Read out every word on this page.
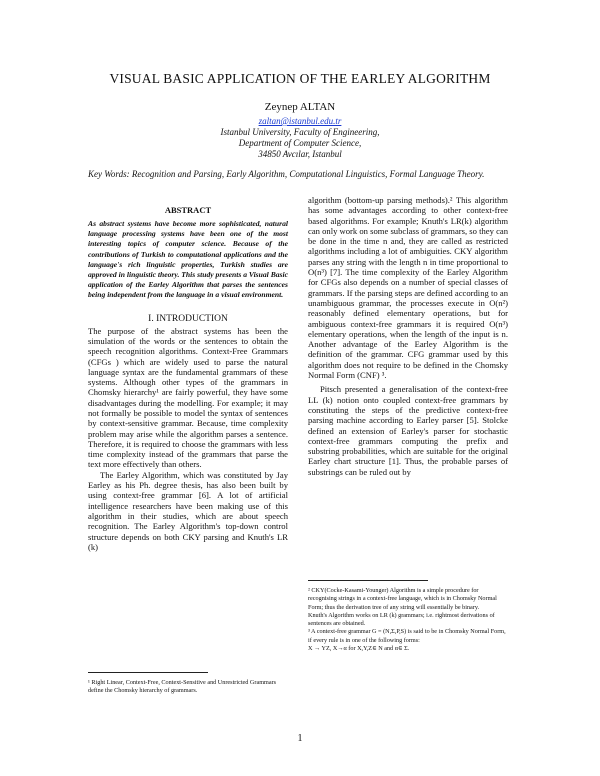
VISUAL BASIC APPLICATION OF THE EARLEY ALGORITHM
Zeynep ALTAN
zaltan@istanbul.edu.tr
Istanbul University, Faculty of Engineering,
Department of Computer Science,
34850 Avcılar, Istanbul
Key Words: Recognition and Parsing, Early Algorithm, Computational Linguistics, Formal Language Theory.
ABSTRACT

As abstract systems have become more sophisticated, natural language processing systems have been one of the most interesting topics of computer science. Because of the contributions of Turkish to computational applications and the language's rich linguistic properties, Turkish studies are approved in linguistic theory. This study presents a Visual Basic application of the Earley Algorithm that parses the sentences being independent from the language in a visual environment.

I. INTRODUCTION

The purpose of the abstract systems has been the simulation of the words or the sentences to obtain the speech recognition algorithms. Context-Free Grammars (CFGs ) which are widely used to parse the natural language syntax are the fundamental grammars of these systems. Although other types of the grammars in Chomsky hierarchy¹ are fairly powerful, they have some disadvantages during the modelling. For example; it may not formally be possible to model the syntax of sentences by context-sensitive grammar. Because, time complexity problem may arise while the algorithm parses a sentence. Therefore, it is required to choose the grammars with less time complexity instead of the grammars that parse the text more effectively than others.

The Earley Algorithm, which was constituted by Jay Earley as his Ph. degree thesis, has also been built by using context-free grammar [6]. A lot of artificial intelligence researchers have been making use of this algorithm in their studies, which are about speech recognition. The Earley Algorithm's top-down control structure depends on both CKY parsing and Knuth's LR (k)

algorithm (bottom-up parsing methods).² This algorithm has some advantages according to other context-free based algorithms. For example; Knuth's LR(k) algorithm can only work on some subclass of grammars, so they can be done in the time n and, they are called as restricted algorithms including a lot of ambiguities. CKY algorithm parses any string with the length n in time proportional to O(n³) [7]. The time complexity of the Earley Algorithm for CFGs also depends on a number of special classes of grammars. If the parsing steps are defined according to an unambiguous grammar, the processes execute in O(n²) reasonably defined elementary operations, but for ambiguous context-free grammars it is required O(n³) elementary operations, when the length of the input is n. Another advantage of the Earley Algorithm is the definition of the grammar. CFG grammar used by this algorithm does not require to be defined in the Chomsky Normal Form (CNF) ³.

Pitsch presented a generalisation of the context-free LL (k) notion onto coupled context-free grammars by constituting the steps of the predictive context-free parsing machine according to Earley parser [5]. Stolcke defined an extension of Earley's parser for stochastic context-free grammars computing the prefix and substring probabilities, which are suitable for the original Earley chart structure [1]. Thus, the probable parses of substrings can be ruled out by

² CKY(Cocke-Kasami-Younger) Algorithm is a simple procedure for recognising strings in a context-free language, which is in Chomsky Normal Form; thus the derivation tree of any string will essentially be binary.

Knuth's Algorithm works on LR (k) grammars; i.e. rightmost derivations of sentences are obtained.

³ A context-free grammar G = (N,Σ,P,S) is said to be in Chomsky Normal Form, if every rule is in one of the following forms:

X → YZ, X→α for X,Y,Z∈ N and α∈ Σ.

¹ Right Linear, Context-Free, Context-Sensitive and Unrestricted Grammars define the Chomsky hierarchy of grammars.

1
